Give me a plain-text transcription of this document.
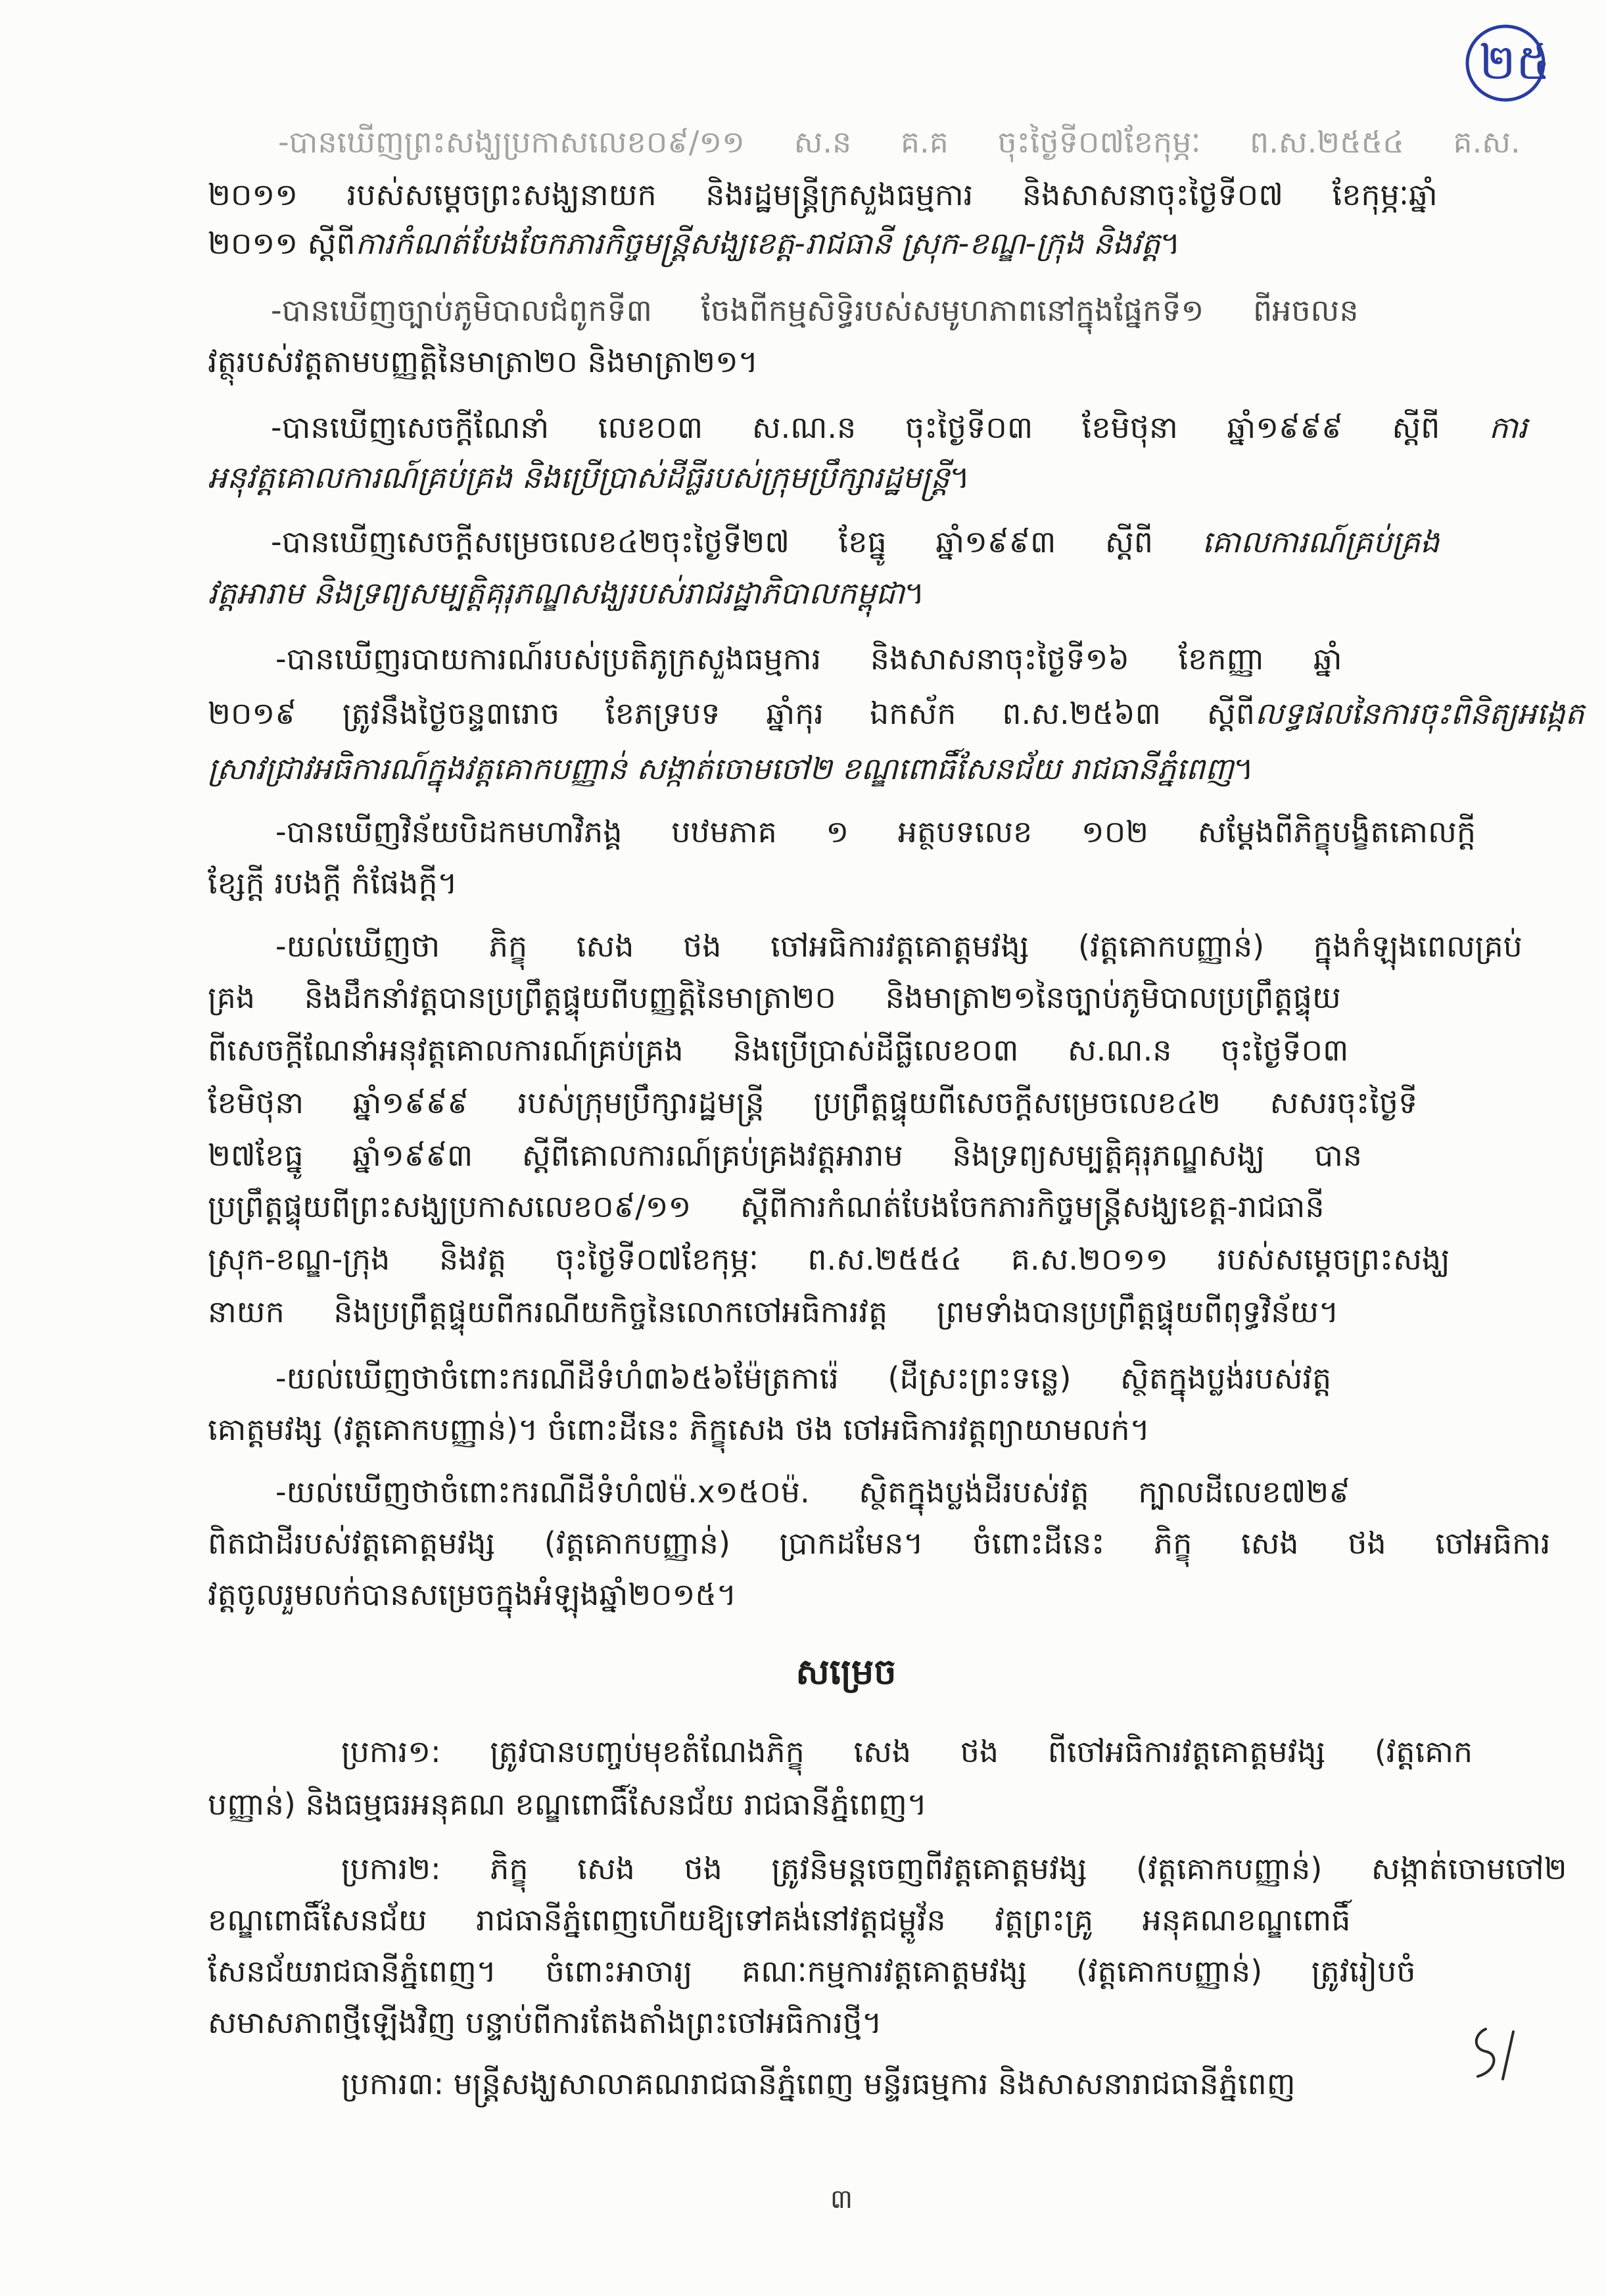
២៥
-បានឃើញព្រះសង្ឃប្រកាសលេខ០៩/១១ ស.ន គ.គ ចុះថ្ងៃទី០៧ខែកុម្ភៈ ព.ស.២៥៥៤ គ.ស.
២០១១ របស់សម្តេចព្រះសង្ឃនាយក និងរដ្ឋមន្ត្រីក្រសួងធម្មការ និងសាសនាចុះថ្ងៃទី០៧ ខែកុម្ភៈឆ្នាំ
២០១១ ស្តីពីការកំណត់បែងចែកភារកិច្ចមន្ត្រីសង្ឃខេត្ត-រាជធានី ស្រុក-ខណ្ឌ-ក្រុង និងវត្ត។
-បានឃើញច្បាប់ភូមិបាលជំពូកទី៣ ចែងពីកម្មសិទ្ធិរបស់សមូហភាពនៅក្នុងផ្នែកទី១ ពីអចលន
វត្ថុរបស់វត្តតាមបញ្ញត្តិនៃមាត្រា២០ និងមាត្រា២១។
-បានឃើញសេចក្តីណែនាំ លេខ០៣ ស.ណ.ន ចុះថ្ងៃទី០៣ ខែមិថុនា ឆ្នាំ១៩៩៩ ស្តីពី ការ
អនុវត្តគោលការណ៍គ្រប់គ្រង និងប្រើប្រាស់ដីធ្លីរបស់ក្រុមប្រឹក្សារដ្ឋមន្ត្រី។
-បានឃើញសេចក្តីសម្រេចលេខ៤២ចុះថ្ងៃទី២៧ ខែធ្នូ ឆ្នាំ១៩៩៣ ស្តីពី គោលការណ៍គ្រប់គ្រង
វត្តអារាម និងទ្រព្យសម្បត្តិគុរុភណ្ឌសង្ឃរបស់រាជរដ្ឋាភិបាលកម្ពុជា។
-បានឃើញរបាយការណ៍របស់ប្រតិភូក្រសួងធម្មការ និងសាសនាចុះថ្ងៃទី១៦ ខែកញ្ញា ឆ្នាំ
២០១៩ ត្រូវនឹងថ្ងៃចន្ទ៣រោច ខែភទ្របទ ឆ្នាំកុរ ឯកស័ក ព.ស.២៥៦៣ ស្តីពីលទ្ធផលនៃការចុះពិនិត្យអង្កេត
ស្រាវជ្រាវអធិការណ៍ក្នុងវត្តគោកបញ្ញាន់ សង្កាត់ចោមចៅ២ ខណ្ឌពោធិ៍សែនជ័យ រាជធានីភ្នំពេញ។
-បានឃើញវិន័យបិដកមហាវិភង្គ បឋមភាគ ១ អត្ថបទលេខ ១០២ សម្តែងពីភិក្ខុបង្ខិតគោលក្តី
ខ្សែក្តី របងក្តី កំផែងក្តី។
-យល់ឃើញថា ភិក្ខុ សេង ថង ចៅអធិការវត្តគោត្តមវង្ស (វត្តគោកបញ្ញាន់) ក្នុងកំឡុងពេលគ្រប់
គ្រង និងដឹកនាំវត្តបានប្រព្រឹត្តផ្ទុយពីបញ្ញត្តិនៃមាត្រា២០ និងមាត្រា២១នៃច្បាប់ភូមិបាលប្រព្រឹត្តផ្ទុយ
ពីសេចក្តីណែនាំអនុវត្តគោលការណ៍គ្រប់គ្រង និងប្រើប្រាស់ដីធ្លីលេខ០៣ ស.ណ.ន ចុះថ្ងៃទី០៣
ខែមិថុនា ឆ្នាំ១៩៩៩ របស់ក្រុមប្រឹក្សារដ្ឋមន្ត្រី ប្រព្រឹត្តផ្ទុយពីសេចក្តីសម្រេចលេខ៤២ សសរចុះថ្ងៃទី
២៧ខែធ្នូ ឆ្នាំ១៩៩៣ ស្តីពីគោលការណ៍គ្រប់គ្រងវត្តអារាម និងទ្រព្យសម្បត្តិគុរុភណ្ឌសង្ឃ បាន
ប្រព្រឹត្តផ្ទុយពីព្រះសង្ឃប្រកាសលេខ០៩/១១ ស្តីពីការកំណត់បែងចែកភារកិច្ចមន្ត្រីសង្ឃខេត្ត-រាជធានី
ស្រុក-ខណ្ឌ-ក្រុង និងវត្ត ចុះថ្ងៃទី០៧ខែកុម្ភៈ ព.ស.២៥៥៤ គ.ស.២០១១ របស់សម្តេចព្រះសង្ឃ
នាយក និងប្រព្រឹត្តផ្ទុយពីករណីយកិច្ចនៃលោកចៅអធិការវត្ត ព្រមទាំងបានប្រព្រឹត្តផ្ទុយពីពុទ្ធវិន័យ។
-យល់ឃើញថាចំពោះករណីដីទំហំ៣៦៥៦ម៉ែត្រការ៉េ (ដីស្រះព្រះទន្លេ) ស្ថិតក្នុងប្លង់របស់វត្ត
គោត្តមវង្ស (វត្តគោកបញ្ញាន់)។ ចំពោះដីនេះ ភិក្ខុសេង ថង ចៅអធិការវត្តព្យាយាមលក់។
-យល់ឃើញថាចំពោះករណីដីទំហំ៧ម៉.x១៥០ម៉. ស្ថិតក្នុងប្លង់ដីរបស់វត្ត ក្បាលដីលេខ៧២៩
ពិតជាដីរបស់វត្តគោត្តមវង្ស (វត្តគោកបញ្ញាន់) ប្រាកដមែន។ ចំពោះដីនេះ ភិក្ខុ សេង ថង ចៅអធិការ
វត្តចូលរួមលក់បានសម្រេចក្នុងអំឡុងឆ្នាំ២០១៥។
សម្រេច
ប្រការ១: ត្រូវបានបញ្ចប់មុខតំណែងភិក្ខុ សេង ថង ពីចៅអធិការវត្តគោត្តមវង្ស (វត្តគោក
បញ្ញាន់) និងធម្មធរអនុគណ ខណ្ឌពោធិ៍សែនជ័យ រាជធានីភ្នំពេញ។
ប្រការ២: ភិក្ខុ សេង ថង ត្រូវនិមន្តចេញពីវត្តគោត្តមវង្ស (វត្តគោកបញ្ញាន់) សង្កាត់ចោមចៅ២
ខណ្ឌពោធិ៍សែនជ័យ រាជធានីភ្នំពេញហើយឱ្យទៅគង់នៅវត្តជម្ពូវ័ន វត្តព្រះគ្រូ អនុគណខណ្ឌពោធិ៍
សែនជ័យរាជធានីភ្នំពេញ។ ចំពោះអាចារ្យ គណៈកម្មការវត្តគោត្តមវង្ស (វត្តគោកបញ្ញាន់) ត្រូវរៀបចំ
សមាសភាពថ្មីឡើងវិញ បន្ទាប់ពីការតែងតាំងព្រះចៅអធិការថ្មី។
ប្រការ៣: មន្ត្រីសង្ឃសាលាគណរាជធានីភ្នំពេញ មន្ទីរធម្មការ និងសាសនារាជធានីភ្នំពេញ
៣
